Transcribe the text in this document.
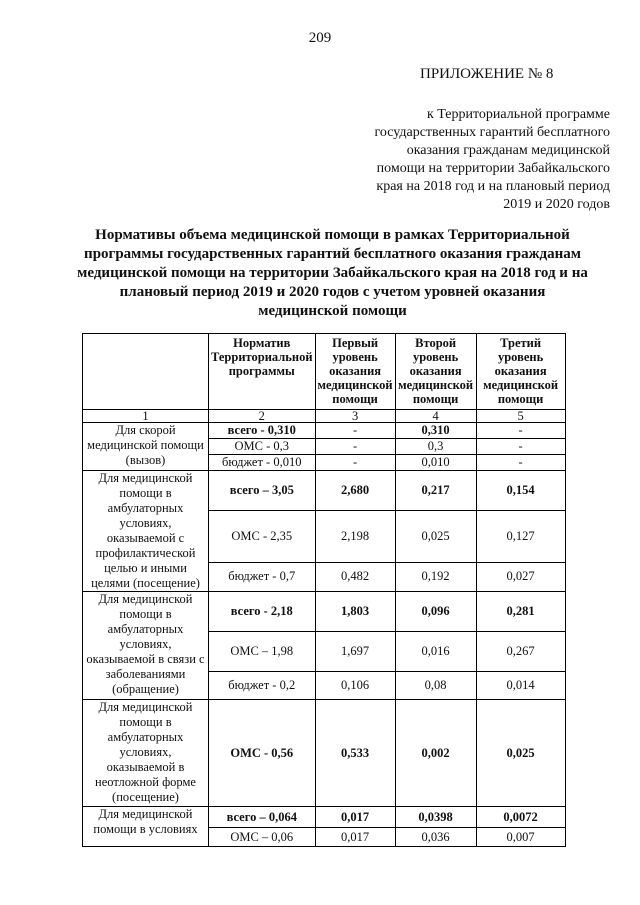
209
ПРИЛОЖЕНИЕ № 8
к Территориальной программе
государственных гарантий бесплатного
оказания гражданам медицинской
помощи на территории Забайкальского
края на 2018 год и на плановый период
2019 и 2020 годов
Нормативы объема медицинской помощи в рамках Территориальной
программы государственных гарантий бесплатного оказания гражданам
медицинской помощи на территории Забайкальского края на 2018 год и на
плановый период 2019 и 2020 годов с учетом уровней оказания
медицинской помощи
	Норматив Территориальной программы	Первый уровень оказания медицинской помощи	Второй уровень оказания медицинской помощи	Третий уровень оказания медицинской помощи
1	2	3	4	5
Для скорой медицинской помощи (вызов)	всего - 0,310	-	0,310	-
	ОМС - 0,3	-	0,3	-
	бюджет - 0,010	-	0,010	-
Для медицинской помощи в амбулаторных условиях, оказываемой с профилактической целью и иными целями (посещение)	всего – 3,05	2,680	0,217	0,154
	ОМС - 2,35	2,198	0,025	0,127
	бюджет - 0,7	0,482	0,192	0,027
Для медицинской помощи в амбулаторных условиях, оказываемой в связи с заболеваниями (обращение)	всего - 2,18	1,803	0,096	0,281
	ОМС – 1,98	1,697	0,016	0,267
	бюджет - 0,2	0,106	0,08	0,014
Для медицинской помощи в амбулаторных условиях, оказываемой в неотложной форме (посещение)	ОМС - 0,56	0,533	0,002	0,025
Для медицинской помощи в условиях	всего – 0,064	0,017	0,0398	0,0072
	ОМС – 0,06	0,017	0,036	0,007
